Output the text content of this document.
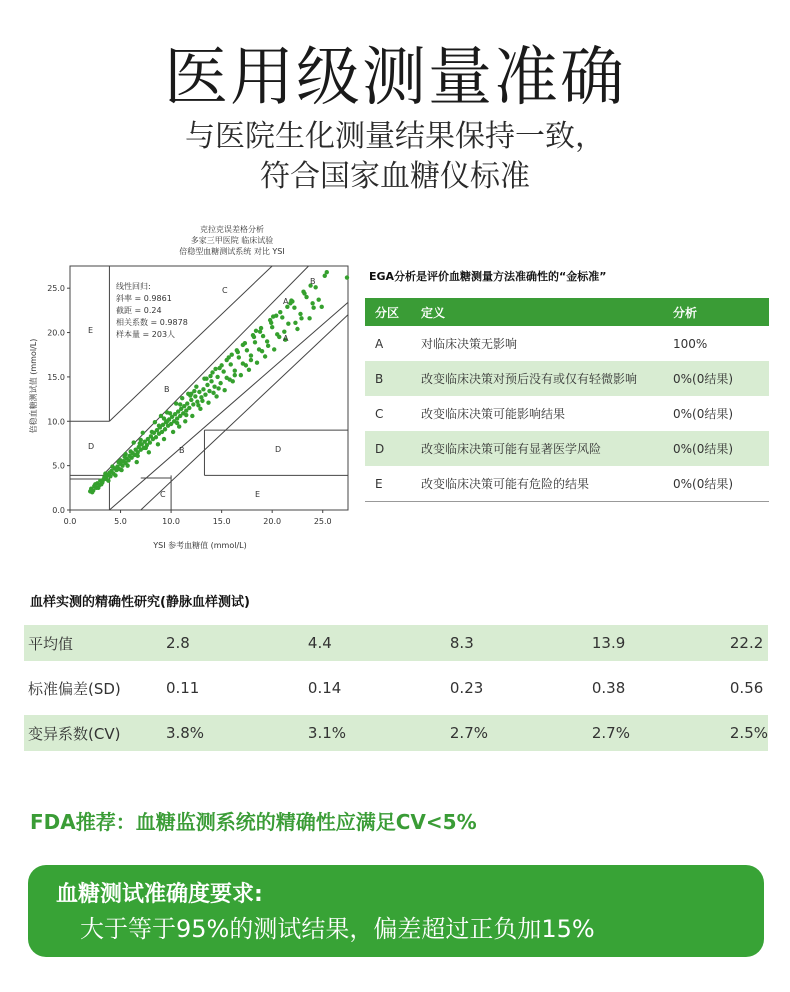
医用级测量准确
与医院生化测量结果保持一致，
符合国家血糖仪标准
克拉克误差格分析
多家三甲医院 临床试验
倍稳型血糖测试系统 对比 YSI
0.0
0.0
5.0
5.0
10.0
10.0
15.0
15.0
20.0
20.0
25.0
25.0	线性回归:
斜率 = 0.9861
截距 = 0.24
相关系数 = 0.9878
样本量 = 203人
C
A
B
A
E
B
D	B	D
C	E
YSI 参考血糖值 (mmol/L)
倍稳血糖测试值 (mmol/L)
EGA分析是评价血糖测量方法准确性的“金标准”
分区	定义	分析
A	对临床决策无影响	100%
B	改变临床决策对预后没有或仅有轻微影响	0%(0结果)
C	改变临床决策可能影响结果	0%(0结果)
D	改变临床决策可能有显著医学风险	0%(0结果)
E	改变临床决策可能有危险的结果	0%(0结果)
血样实测的精确性研究(静脉血样测试)
平均值	2.8	4.4	8.3	13.9	22.2

标准偏差(SD)	0.11	0.14	0.23	0.38	0.56

变异系数(CV)	3.8%	3.1%	2.7%	2.7%	2.5%
FDA推荐：血糖监测系统的精确性应满足CV<5%
血糖测试准确度要求:
大于等于95%的测试结果，偏差超过正负加15%
